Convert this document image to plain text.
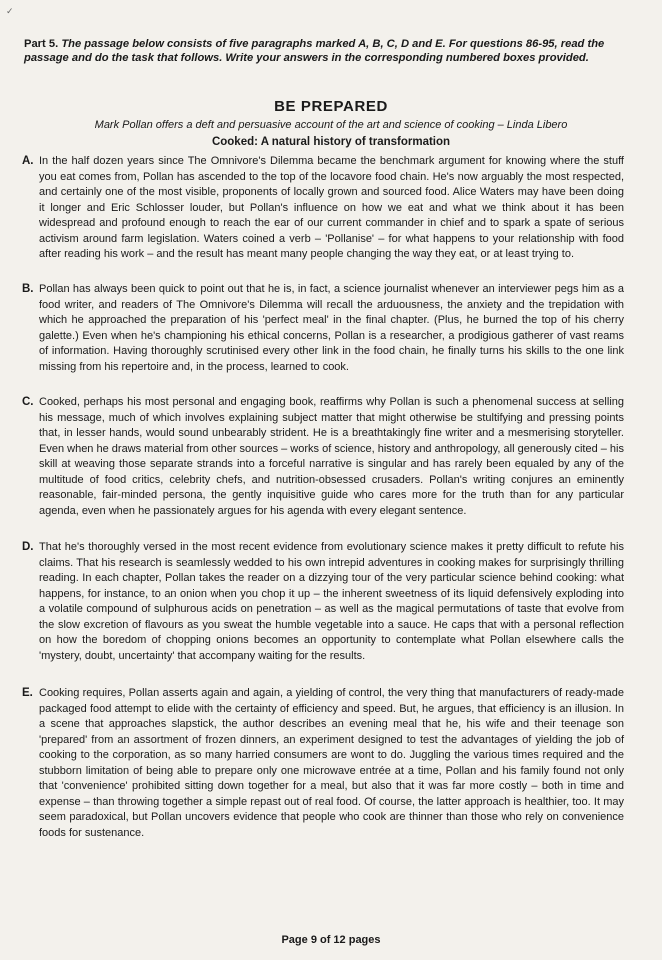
✓
Part 5. The passage below consists of five paragraphs marked A, B, C, D and E. For questions 86-95, read the passage and do the task that follows. Write your answers in the corresponding numbered boxes provided.
BE PREPARED
Mark Pollan offers a deft and persuasive account of the art and science of cooking – Linda Libero
Cooked: A natural history of transformation
A. In the half dozen years since The Omnivore's Dilemma became the benchmark argument for knowing where the stuff you eat comes from, Pollan has ascended to the top of the locavore food chain. He's now arguably the most respected, and certainly one of the most visible, proponents of locally grown and sourced food. Alice Waters may have been doing it longer and Eric Schlosser louder, but Pollan's influence on how we eat and what we think about it has been widespread and profound enough to reach the ear of our current commander in chief and to spark a spate of serious activism around farm legislation. Waters coined a verb – 'Pollanise' – for what happens to your relationship with food after reading his work – and the result has meant many people changing the way they eat, or at least trying to.
B. Pollan has always been quick to point out that he is, in fact, a science journalist whenever an interviewer pegs him as a food writer, and readers of The Omnivore's Dilemma will recall the arduousness, the anxiety and the trepidation with which he approached the preparation of his 'perfect meal' in the final chapter. (Plus, he burned the top of his cherry galette.) Even when he's championing his ethical concerns, Pollan is a researcher, a prodigious gatherer of vast reams of information. Having thoroughly scrutinised every other link in the food chain, he finally turns his skills to the one link missing from his repertoire and, in the process, learned to cook.
C. Cooked, perhaps his most personal and engaging book, reaffirms why Pollan is such a phenomenal success at selling his message, much of which involves explaining subject matter that might otherwise be stultifying and pressing points that, in lesser hands, would sound unbearably strident. He is a breathtakingly fine writer and a mesmerising storyteller. Even when he draws material from other sources – works of science, history and anthropology, all generously cited – his skill at weaving those separate strands into a forceful narrative is singular and has rarely been equaled by any of the multitude of food critics, celebrity chefs, and nutrition-obsessed crusaders. Pollan's writing conjures an eminently reasonable, fair-minded persona, the gently inquisitive guide who cares more for the truth than for any particular agenda, even when he passionately argues for his agenda with every elegant sentence.
D. That he's thoroughly versed in the most recent evidence from evolutionary science makes it pretty difficult to refute his claims. That his research is seamlessly wedded to his own intrepid adventures in cooking makes for surprisingly thrilling reading. In each chapter, Pollan takes the reader on a dizzying tour of the very particular science behind cooking: what happens, for instance, to an onion when you chop it up – the inherent sweetness of its liquid defensively exploding into a volatile compound of sulphurous acids on penetration – as well as the magical permutations of taste that evolve from the slow excretion of flavours as you sweat the humble vegetable into a sauce. He caps that with a personal reflection on how the boredom of chopping onions becomes an opportunity to contemplate what Pollan elsewhere calls the 'mystery, doubt, uncertainty' that accompany waiting for the results.
E. Cooking requires, Pollan asserts again and again, a yielding of control, the very thing that manufacturers of ready-made packaged food attempt to elide with the certainty of efficiency and speed. But, he argues, that efficiency is an illusion. In a scene that approaches slapstick, the author describes an evening meal that he, his wife and their teenage son 'prepared' from an assortment of frozen dinners, an experiment designed to test the advantages of yielding the job of cooking to the corporation, as so many harried consumers are wont to do. Juggling the various times required and the stubborn limitation of being able to prepare only one microwave entrée at a time, Pollan and his family found not only that 'convenience' prohibited sitting down together for a meal, but also that it was far more costly – both in time and expense – than throwing together a simple repast out of real food. Of course, the latter approach is healthier, too. It may seem paradoxical, but Pollan uncovers evidence that people who cook are thinner than those who rely on convenience foods for sustenance.
Page 9 of 12 pages
